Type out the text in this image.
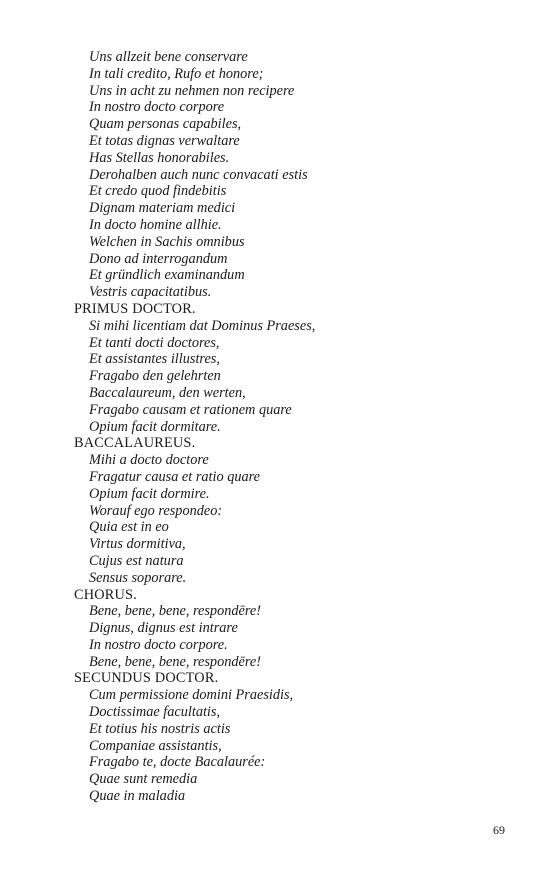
Uns allzeit bene conservare
In tali credito, Rufo et honore;
Uns in acht zu nehmen non recipere
In nostro docto corpore
Quam personas capabiles,
Et totas dignas verwaltare
Has Stellas honorabiles.
Derohalben auch nunc convacati estis
Et credo quod findebitis
Dignam materiam medici
In docto homine allhie.
Welchen in Sachis omnibus
Dono ad interrogandum
Et gründlich examinandum
Vestris capacitatibus.
PRIMUS DOCTOR.
Si mihi licentiam dat Dominus Praeses,
Et tanti docti doctores,
Et assistantes illustres,
Fragabo den gelehrten
Baccalaureum, den werten,
Fragabo causam et rationem quare
Opium facit dormitare.
BACCALAUREUS.
Mihi a docto doctore
Fragatur causa et ratio quare
Opium facit dormire.
Worauf ego respondeo:
Quia est in eo
Virtus dormitiva,
Cujus est natura
Sensus soporare.
CHORUS.
Bene, bene, bene, respondēre!
Dignus, dignus est intrare
In nostro docto corpore.
Bene, bene, bene, respondēre!
SECUNDUS DOCTOR.
Cum permissione domini Praesidis,
Doctissimae facultatis,
Et totius his nostris actis
Companiae assistantis,
Fragabo te, docte Bacalaurée:
Quae sunt remedia
Quae in maladia
69
